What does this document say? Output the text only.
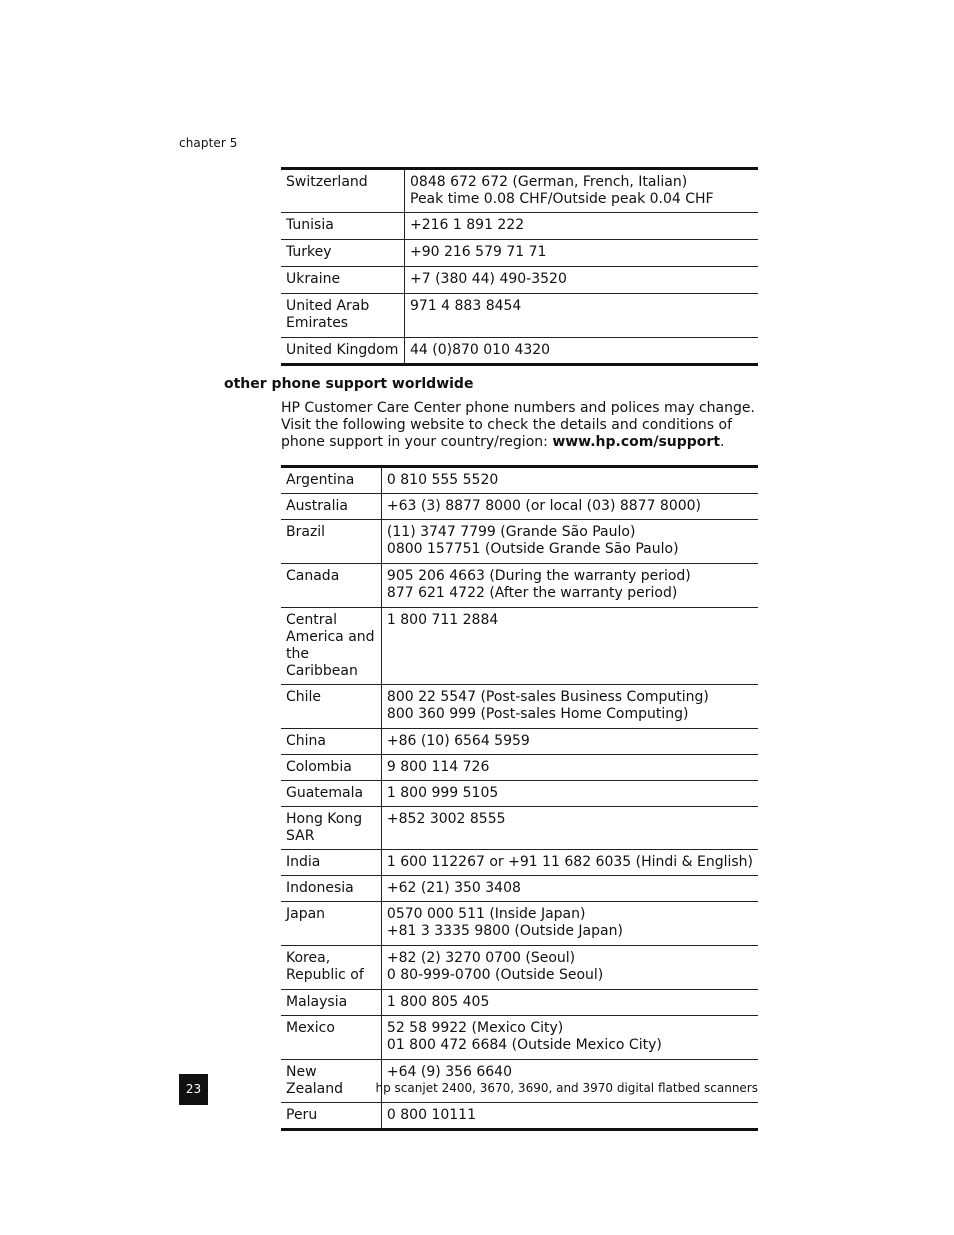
chapter 5
Switzerland	0848 672 672 (German, French, Italian)
Peak time 0.08 CHF/Outside peak 0.04 CHF

Tunisia	+216 1 891 222

Turkey	+90 216 579 71 71

Ukraine	+7 (380 44) 490-3520

United Arab Emirates	971 4 883 8454

United Kingdom	44 (0)870 010 4320
other phone support worldwide
HP Customer Care Center phone numbers and polices may change. Visit the following website to check the details and conditions of phone support in your country/region: www.hp.com/support.
Argentina	0 810 555 5520

Australia	+63 (3) 8877 8000 (or local (03) 8877 8000)

Brazil	(11) 3747 7799 (Grande São Paulo)
0800 157751 (Outside Grande São Paulo)

Canada	905 206 4663 (During the warranty period)
877 621 4722 (After the warranty period)

Central America and the Caribbean	1 800 711 2884

Chile	800 22 5547 (Post-sales Business Computing)
800 360 999 (Post-sales Home Computing)

China	+86 (10) 6564 5959

Colombia	9 800 114 726

Guatemala	1 800 999 5105

Hong Kong SAR	+852 3002 8555

India	1 600 112267 or +91 11 682 6035 (Hindi & English)

Indonesia	+62 (21) 350 3408

Japan	0570 000 511 (Inside Japan)
+81 3 3335 9800 (Outside Japan)

Korea, Republic of	+82 (2) 3270 0700 (Seoul)
0 80-999-0700 (Outside Seoul)

Malaysia	1 800 805 405

Mexico	52 58 9922 (Mexico City)
01 800 472 6684 (Outside Mexico City)

New Zealand	+64 (9) 356 6640

Peru	0 800 10111
23	hp scanjet 2400, 3670, 3690, and 3970 digital flatbed scanners
